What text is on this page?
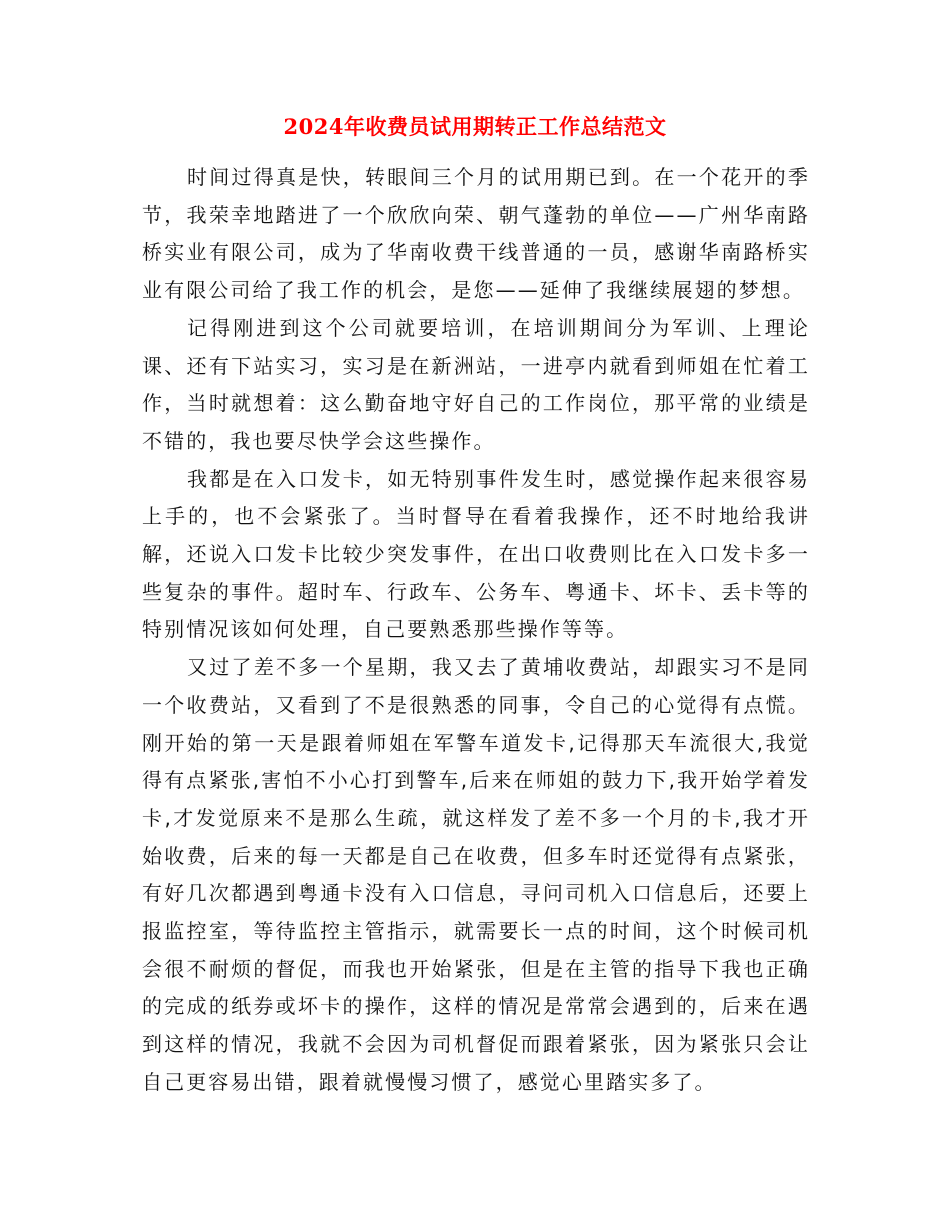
2024年收费员试用期转正工作总结范文

时间过得真是快，转眼间三个月的试用期已到。在一个花开的季节，我荣幸地踏进了一个欣欣向荣、朝气蓬勃的单位——广州华南路桥实业有限公司，成为了华南收费干线普通的一员，感谢华南路桥实业有限公司给了我工作的机会，是您——延伸了我继续展翅的梦想。

记得刚进到这个公司就要培训，在培训期间分为军训、上理论课、还有下站实习，实习是在新洲站，一进亭内就看到师姐在忙着工作，当时就想着：这么勤奋地守好自己的工作岗位，那平常的业绩是不错的，我也要尽快学会这些操作。

我都是在入口发卡，如无特别事件发生时，感觉操作起来很容易上手的，也不会紧张了。当时督导在看着我操作，还不时地给我讲解，还说入口发卡比较少突发事件，在出口收费则比在入口发卡多一些复杂的事件。超时车、行政车、公务车、粤通卡、坏卡、丢卡等的特别情况该如何处理，自己要熟悉那些操作等等。

又过了差不多一个星期，我又去了黄埔收费站，却跟实习不是同一个收费站，又看到了不是很熟悉的同事，令自己的心觉得有点慌。刚开始的第一天是跟着师姐在军警车道发卡,记得那天车流很大,我觉得有点紧张,害怕不小心打到警车,后来在师姐的鼓力下,我开始学着发卡,才发觉原来不是那么生疏，就这样发了差不多一个月的卡,我才开始收费，后来的每一天都是自己在收费，但多车时还觉得有点紧张，有好几次都遇到粤通卡没有入口信息，寻问司机入口信息后，还要上报监控室，等待监控主管指示，就需要长一点的时间，这个时候司机会很不耐烦的督促，而我也开始紧张，但是在主管的指导下我也正确的完成的纸券或坏卡的操作，这样的情况是常常会遇到的，后来在遇到这样的情况，我就不会因为司机督促而跟着紧张，因为紧张只会让自己更容易出错，跟着就慢慢习惯了，感觉心里踏实多了。
